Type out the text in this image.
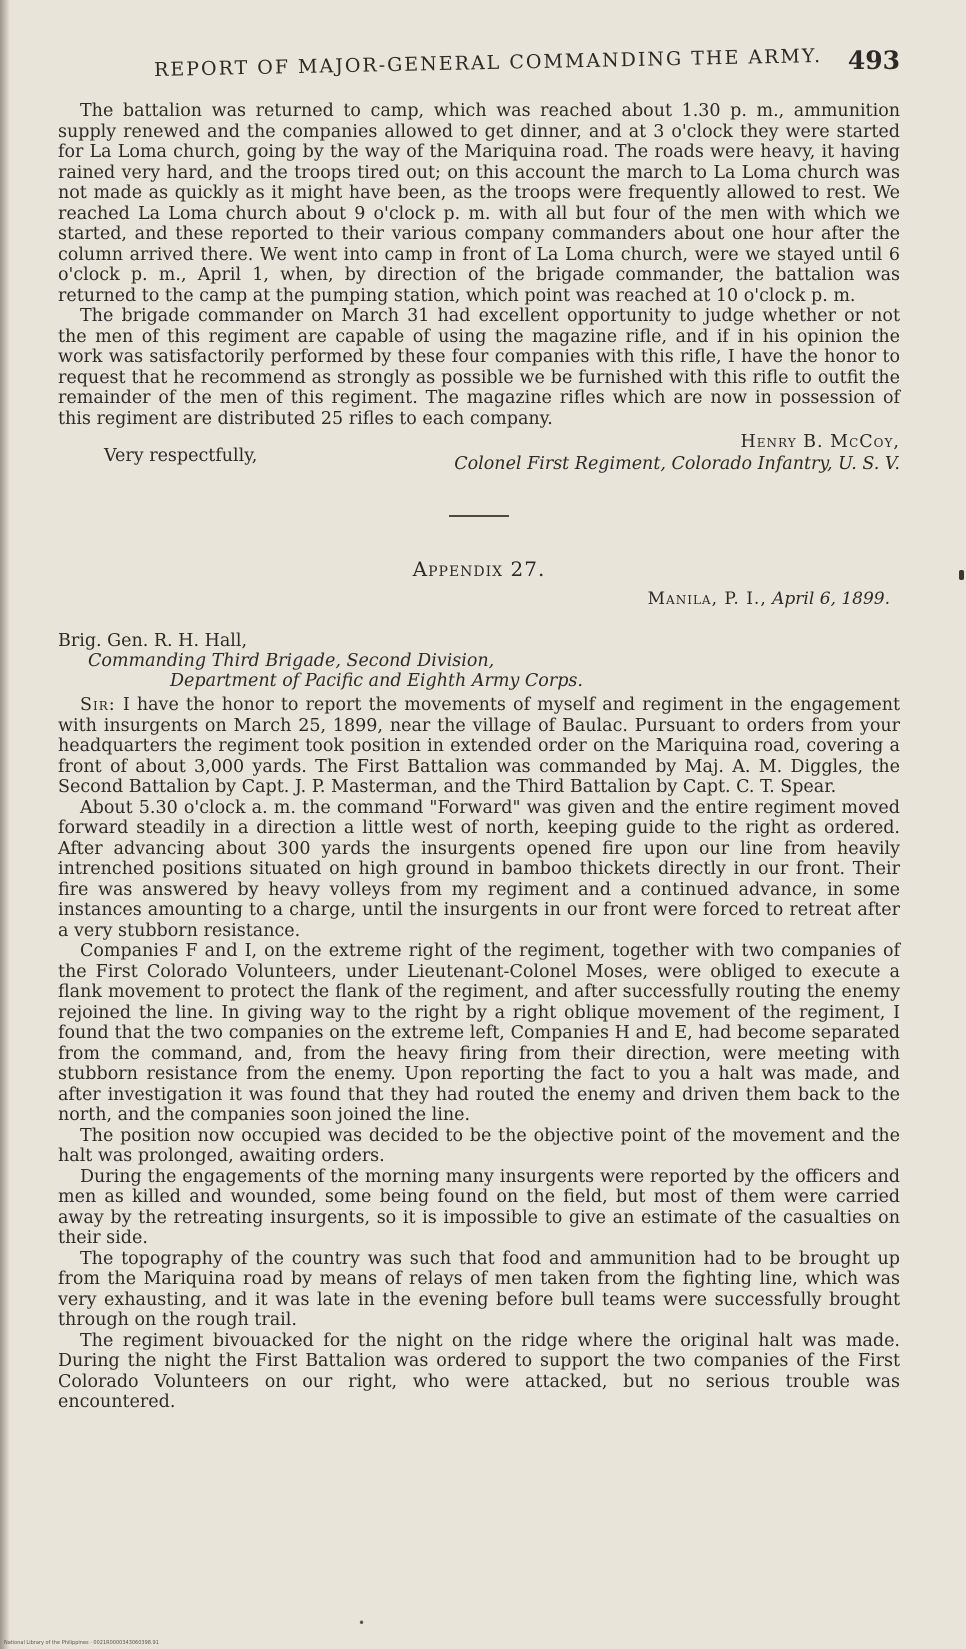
REPORT OF MAJOR-GENERAL COMMANDING THE ARMY. 493

The battalion was returned to camp, which was reached about 1.30 p. m., ammunition supply renewed and the companies allowed to get dinner, and at 3 o'clock they were started for La Loma church, going by the way of the Mariquina road. The roads were heavy, it having rained very hard, and the troops tired out; on this account the march to La Loma church was not made as quickly as it might have been, as the troops were frequently allowed to rest. We reached La Loma church about 9 o'clock p. m. with all but four of the men with which we started, and these reported to their various company commanders about one hour after the column arrived there. We went into camp in front of La Loma church, were we stayed until 6 o'clock p. m., April 1, when, by direction of the brigade commander, the battalion was returned to the camp at the pumping station, which point was reached at 10 o'clock p. m.

The brigade commander on March 31 had excellent opportunity to judge whether or not the men of this regiment are capable of using the magazine rifle, and if in his opinion the work was satisfactorily performed by these four companies with this rifle, I have the honor to request that he recommend as strongly as possible we be furnished with this rifle to outfit the remainder of the men of this regiment. The magazine rifles which are now in possession of this regiment are distributed 25 rifles to each company.

Very respectfully,
Henry B. McCoy,
Colonel First Regiment, Colorado Infantry, U. S. V.
Appendix 27.
Manila, P. I., April 6, 1899.
Brig. Gen. R. H. Hall,
Commanding Third Brigade, Second Division,
Department of Pacific and Eighth Army Corps.

Sir: I have the honor to report the movements of myself and regiment in the engagement with insurgents on March 25, 1899, near the village of Baulac. Pursuant to orders from your headquarters the regiment took position in extended order on the Mariquina road, covering a front of about 3,000 yards. The First Battalion was commanded by Maj. A. M. Diggles, the Second Battalion by Capt. J. P. Masterman, and the Third Battalion by Capt. C. T. Spear.

About 5.30 o'clock a. m. the command "Forward" was given and the entire regiment moved forward steadily in a direction a little west of north, keeping guide to the right as ordered. After advancing about 300 yards the insurgents opened fire upon our line from heavily intrenched positions situated on high ground in bamboo thickets directly in our front. Their fire was answered by heavy volleys from my regiment and a continued advance, in some instances amounting to a charge, until the insurgents in our front were forced to retreat after a very stubborn resistance.

Companies F and I, on the extreme right of the regiment, together with two companies of the First Colorado Volunteers, under Lieutenant-Colonel Moses, were obliged to execute a flank movement to protect the flank of the regiment, and after successfully routing the enemy rejoined the line. In giving way to the right by a right oblique movement of the regiment, I found that the two companies on the extreme left, Companies H and E, had become separated from the command, and, from the heavy firing from their direction, were meeting with stubborn resistance from the enemy. Upon reporting the fact to you a halt was made, and after investigation it was found that they had routed the enemy and driven them back to the north, and the companies soon joined the line.

The position now occupied was decided to be the objective point of the movement and the halt was prolonged, awaiting orders.

During the engagements of the morning many insurgents were reported by the officers and men as killed and wounded, some being found on the field, but most of them were carried away by the retreating insurgents, so it is impossible to give an estimate of the casualties on their side.

The topography of the country was such that food and ammunition had to be brought up from the Mariquina road by means of relays of men taken from the fighting line, which was very exhausting, and it was late in the evening before bull teams were successfully brought through on the rough trail.

The regiment bivouacked for the night on the ridge where the original halt was made. During the night the First Battalion was ordered to support the two companies of the First Colorado Volunteers on our right, who were attacked, but no serious trouble was encountered.

•
National Library of the Philippines · 0021R0000343060398.91
